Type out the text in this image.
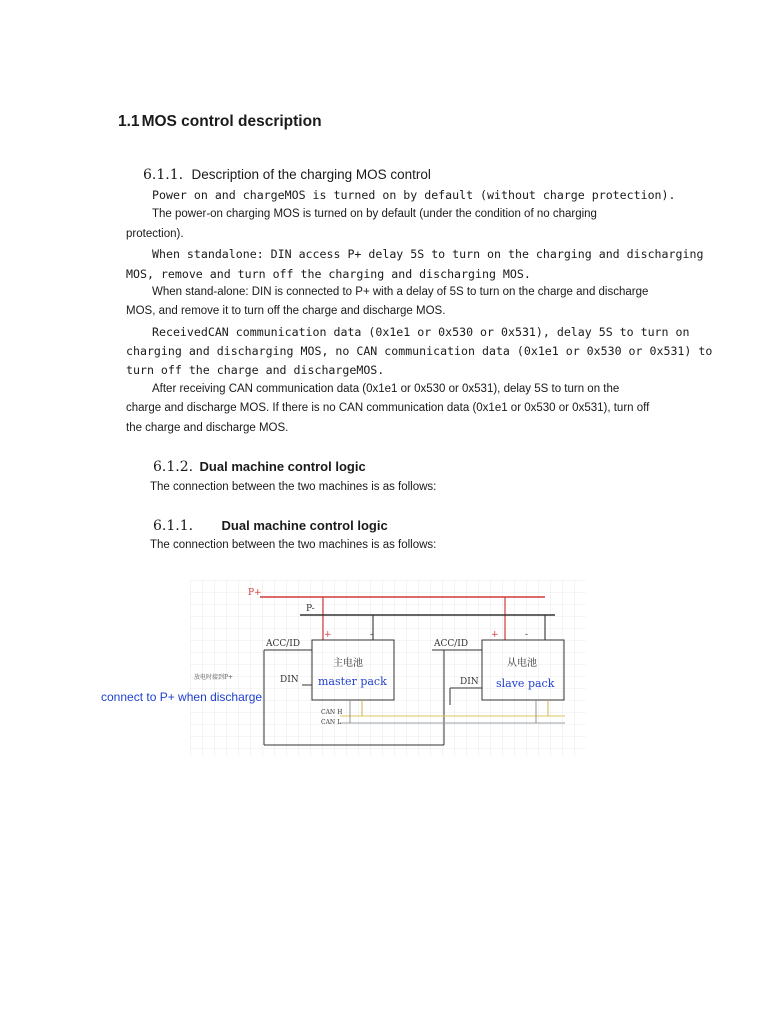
1.1 MOS control description
6.1.1. Description of the charging MOS control
Power on and chargeMOS is turned on by default (without charge protection).
The power-on charging MOS is turned on by default (under the condition of no charging
protection).
When standalone: DIN access P+ delay 5S to turn on the charging and discharging
MOS, remove and turn off the charging and discharging MOS.
When stand-alone: DIN is connected to P+ with a delay of 5S to turn on the charge and discharge
MOS, and remove it to turn off the charge and discharge MOS.
ReceivedCAN communication data (0x1e1 or 0x530 or 0x531), delay 5S to turn on
charging and discharging MOS, no CAN communication data (0x1e1 or 0x530 or 0x531) to
turn off the charge and dischargeMOS.
After receiving CAN communication data (0x1e1 or 0x530 or 0x531), delay 5S to turn on the
charge and discharge MOS. If there is no CAN communication data (0x1e1 or 0x530 or 0x531), turn off
the charge and discharge MOS.
6.1.2. Dual machine control logic
The connection between the two machines is as follows:
6.1.1. Dual machine control logic
The connection between the two machines is as follows:
P+
P-
+	-
主电池
master pack
+	-
从电池
slave pack
ACC/ID	ACC/ID
DIN	DIN
CAN H
CAN L
放电时接到P+
connect to P+ when discharge
